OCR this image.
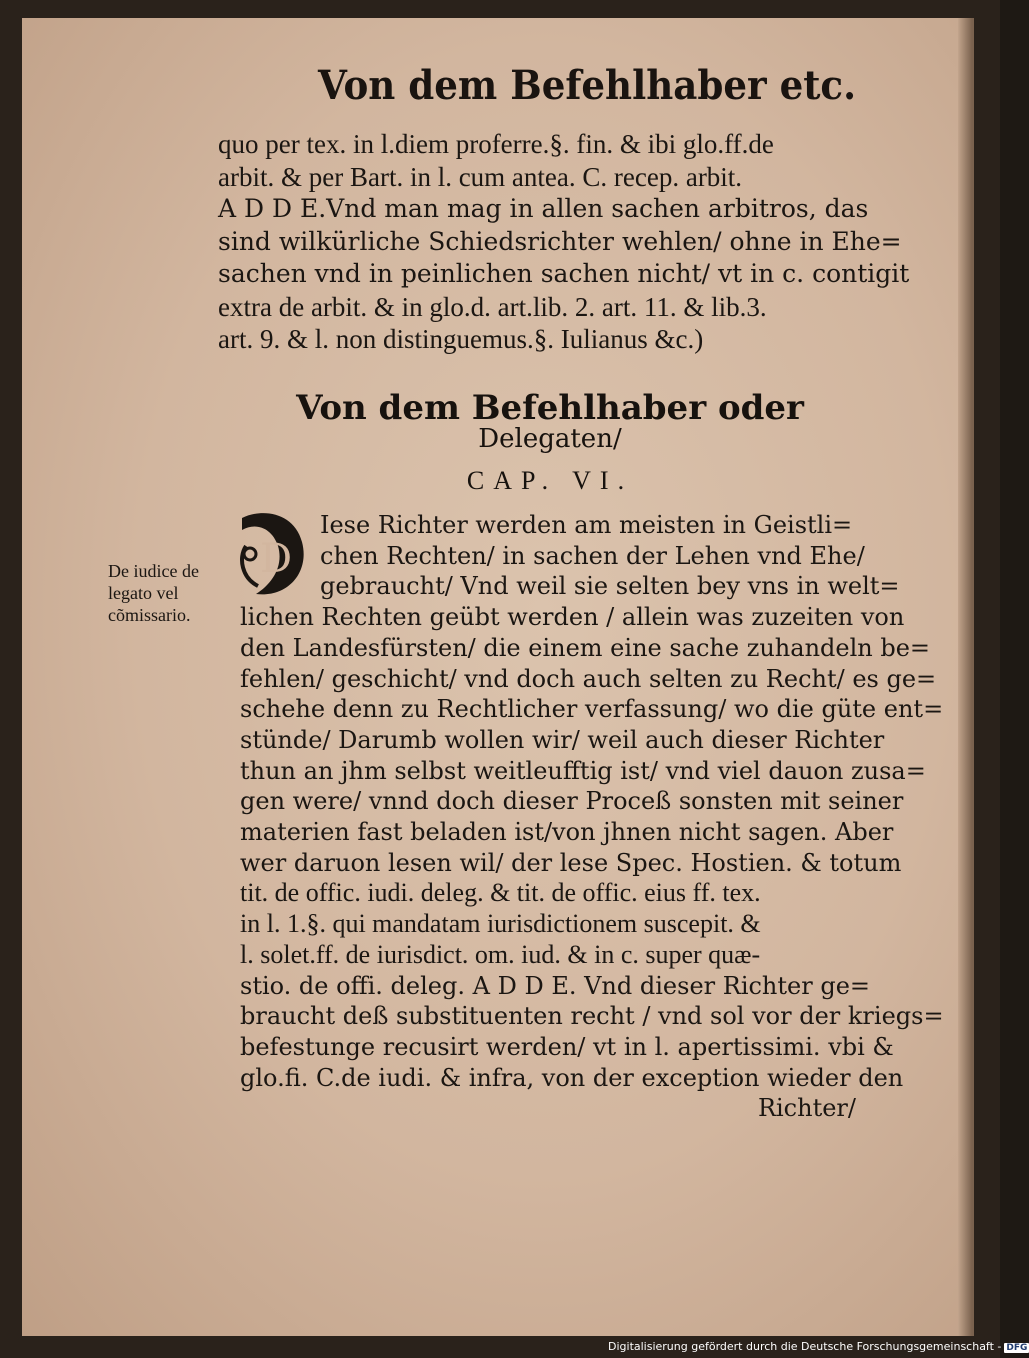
Von dem Befehlhaber etc.
quo per tex. in l.diem proferre.§. fin. & ibi glo.ff.de
arbit. & per Bart. in l. cum antea. C. recep. arbit.
A D D E.Vnd man mag in allen sachen arbitros, das
sind wilkürliche Schiedsrichter wehlen/ ohne in Ehe=
sachen vnd in peinlichen sachen nicht/ vt in c. contigit
extra de arbit. & in glo.d. art.lib. 2. art. 11. & lib.3.
art. 9. & l. non distinguemus.§. Iulianus &c.)
Von dem Befehlhaber oder
Delegaten/
CAP. VI.
D
De iudice de legato vel cõmissario.
Iese Richter werden am meisten in Geistli=
chen Rechten/ in sachen der Lehen vnd Ehe/
gebraucht/ Vnd weil sie selten bey vns in welt=
lichen Rechten geübt werden / allein was zuzeiten von
den Landesfürsten/ die einem eine sache zuhandeln be=
fehlen/ geschicht/ vnd doch auch selten zu Recht/ es ge=
schehe denn zu Rechtlicher verfassung/ wo die güte ent=
stünde/ Darumb wollen wir/ weil auch dieser Richter
thun an jhm selbst weitleufftig ist/ vnd viel dauon zusa=
gen were/ vnnd doch dieser Proceß sonsten mit seiner
materien fast beladen ist/von jhnen nicht sagen. Aber
wer daruon lesen wil/ der lese Spec. Hostien. & totum
tit. de offic. iudi. deleg. & tit. de offic. eius ff. tex.
in l. 1.§. qui mandatam iurisdictionem suscepit. &
l. solet.ff. de iurisdict. om. iud. & in c. super quæ-
stio. de offi. deleg. A D D E. Vnd dieser Richter ge=
braucht deß substituenten recht / vnd sol vor der kriegs=
befestunge recusirt werden/ vt in l. apertissimi. vbi &
glo.fi. C.de iudi. & infra, von der exception wieder den
Richter/
Digitalisierung gefördert durch die Deutsche Forschungsgemeinschaft - DFG
